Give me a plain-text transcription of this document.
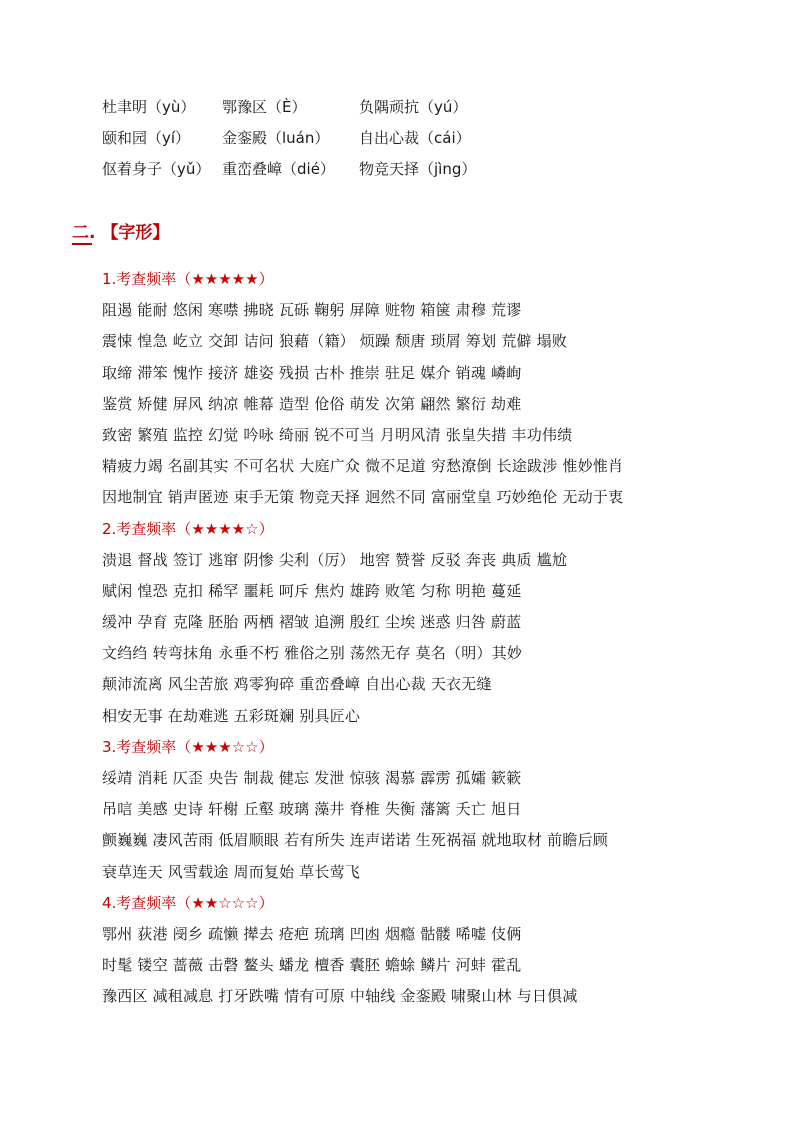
杜聿明（yù） 鄂豫区（È）	负隅顽抗（yú）
颐和园（yí） 金銮殿（luán） 自出心裁（cái）
伛着身子（yǔ） 重峦叠嶂（dié） 物竞天择（jìng）
二. 【字形】
1.考查频率（★★★★★）
阻遏 能耐 悠闲 寒噤 拂晓 瓦砾 鞠躬 屏障 赃物 箱箧 肃穆 荒谬
震悚 惶急 屹立 交卸 诘问 狼藉（籍） 烦躁 颓唐 琐屑 筹划 荒僻 塌败
取缔 滞笨 愧怍 接济 雄姿 残损 古朴 推崇 驻足 媒介 销魂 嶙峋
鉴赏 矫健 屏风 纳凉 帷幕 造型 伧俗 萌发 次第 翩然 繁衍 劫难
致密 繁殖 监控 幻觉 吟咏 绮丽 锐不可当 月明风清 张皇失措 丰功伟绩
精疲力竭 名副其实 不可名状 大庭广众 微不足道 穷愁潦倒 长途跋涉 惟妙惟肖
因地制宜 销声匿迹 束手无策 物竞天择 迥然不同 富丽堂皇 巧妙绝伦 无动于衷
2.考查频率（★★★★☆）
溃退 督战 签订 逃窜 阴惨 尖利（厉） 地窖 赞誉 反驳 奔丧 典质 尴尬
赋闲 惶恐 克扣 稀罕 噩耗 呵斥 焦灼 雄跨 败笔 匀称 明艳 蔓延
缓冲 孕育 克隆 胚胎 两栖 褶皱 追溯 殷红 尘埃 迷惑 归咎 蔚蓝
文绉绉 转弯抹角 永垂不朽 雅俗之别 荡然无存 莫名（明）其妙
颠沛流离 风尘苦旅 鸡零狗碎 重峦叠嶂 自出心裁 天衣无缝
相安无事 在劫难逃 五彩斑斓 别具匠心
3.考查频率（★★★☆☆）
绥靖 消耗 仄歪 央告 制裁 健忘 发泄 惊骇 渴慕 霹雳 孤孀 簌簌
吊唁 美感 史诗 轩榭 丘壑 玻璃 藻井 脊椎 失衡 藩篱 夭亡 旭日
颤巍巍 凄风苦雨 低眉顺眼 若有所失 连声诺诺 生死祸福 就地取材 前瞻后顾
衰草连天 风雪载途 周而复始 草长莺飞
4.考查频率（★★☆☆☆）
鄂州 荻港 阌乡 疏懒 撵去 疮疤 琉璃 凹凼 烟瘾 骷髅 唏嘘 伎俩
时髦 镂空 蔷薇 击磬 鳌头 蟠龙 檀香 囊胚 蟾蜍 鳞片 河蚌 霍乱
豫西区 减租减息 打牙跌嘴 情有可原 中轴线 金銮殿 啸聚山林 与日俱减
